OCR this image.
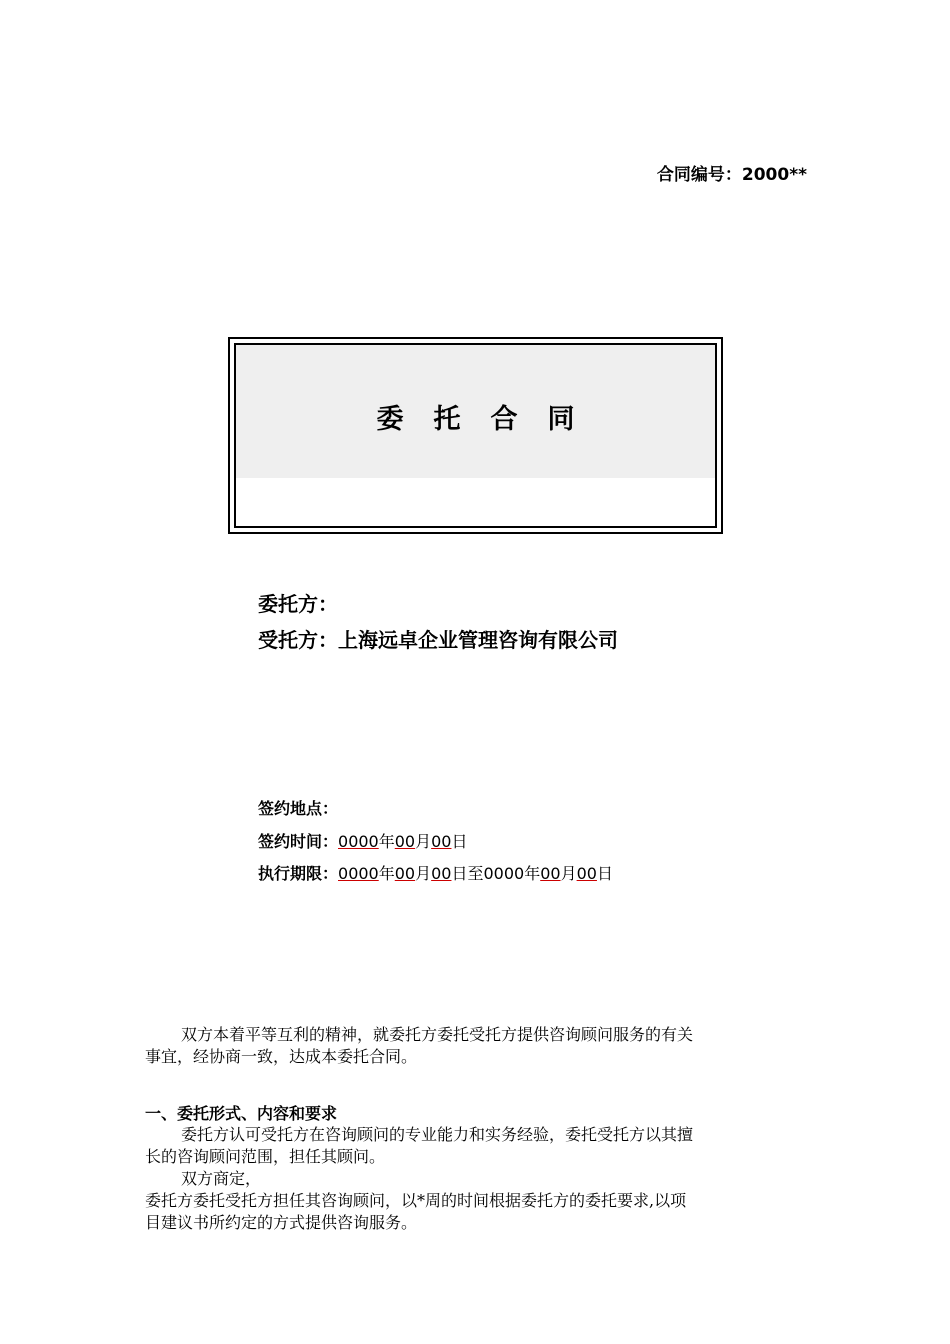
合同编号：2000**
委托合同
委托方：
受托方：上海远卓企业管理咨询有限公司
签约地点：
签约时间：0000年00月00日
执行期限：0000年00月00日至0000年00月00日
双方本着平等互利的精神，就委托方委托受托方提供咨询顾问服务的有关
事宜，经协商一致，达成本委托合同。
一、委托形式、内容和要求
委托方认可受托方在咨询顾问的专业能力和实务经验，委托受托方以其擅
长的咨询顾问范围，担任其顾问。
双方商定，
委托方委托受托方担任其咨询顾问，以*周的时间根据委托方的委托要求,以项
目建议书所约定的方式提供咨询服务。
